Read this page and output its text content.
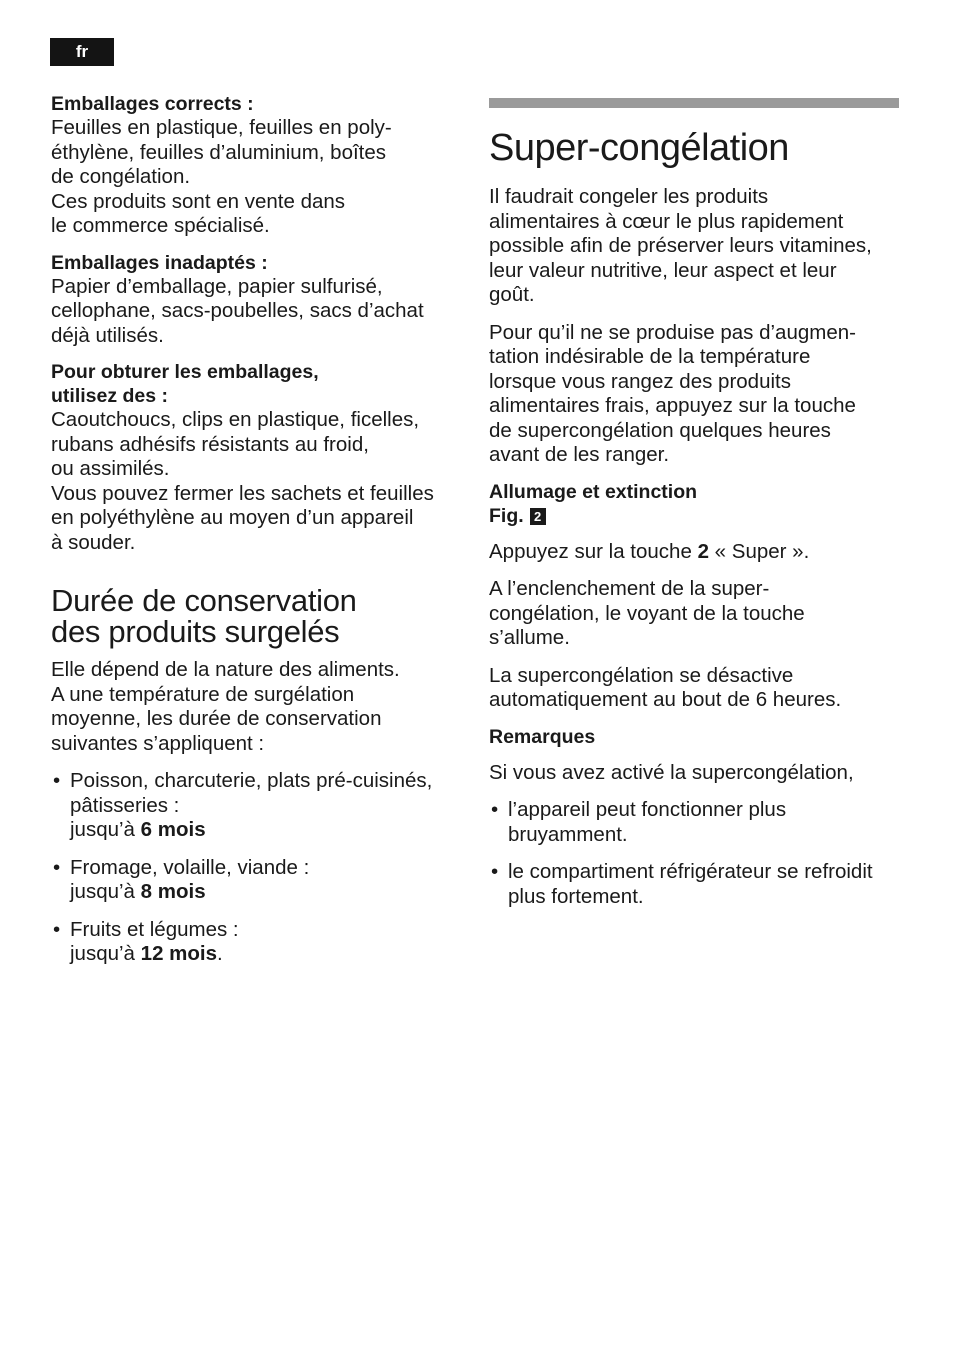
fr
Emballages corrects :

Feuilles en plastique, feuilles en poly-
éthylène, feuilles d’aluminium, boîtes
de congélation.
Ces produits sont en vente dans
le commerce spécialisé.

Emballages inadaptés :

Papier d’emballage, papier sulfurisé,
cellophane, sacs-poubelles, sacs d’achat
déjà utilisés.

Pour obturer les emballages,
utilisez des :

Caoutchoucs, clips en plastique, ficelles,
rubans adhésifs résistants au froid,
ou assimilés.
Vous pouvez fermer les sachets et feuilles
en polyéthylène au moyen d’un appareil
à souder.

Durée de conservation
des produits surgelés

Elle dépend de la nature des aliments.
A une température de surgélation
moyenne, les durée de conservation
suivantes s’appliquent :

• Poisson, charcuterie, plats pré-cuisinés,
pâtisseries :
jusqu’à 6 mois
• Fromage, volaille, viande :
jusqu’à 8 mois
• Fruits et légumes :
jusqu’à 12 mois.
Super-congélation

Il faudrait congeler les produits
alimentaires à cœur le plus rapidement
possible afin de préserver leurs vitamines,
leur valeur nutritive, leur aspect et leur
goût.

Pour qu’il ne se produise pas d’augmen-
tation indésirable de la température
lorsque vous rangez des produits
alimentaires frais, appuyez sur la touche
de supercongélation quelques heures
avant de les ranger.

Allumage et extinction
Fig. 2

Appuyez sur la touche 2 « Super ».

A l’enclenchement de la super-
congélation, le voyant de la touche
s’allume.

La supercongélation se désactive
automatiquement au bout de 6 heures.

Remarques

Si vous avez activé la supercongélation,

• l’appareil peut fonctionner plus
bruyamment.
• le compartiment réfrigérateur se refroidit
plus fortement.
